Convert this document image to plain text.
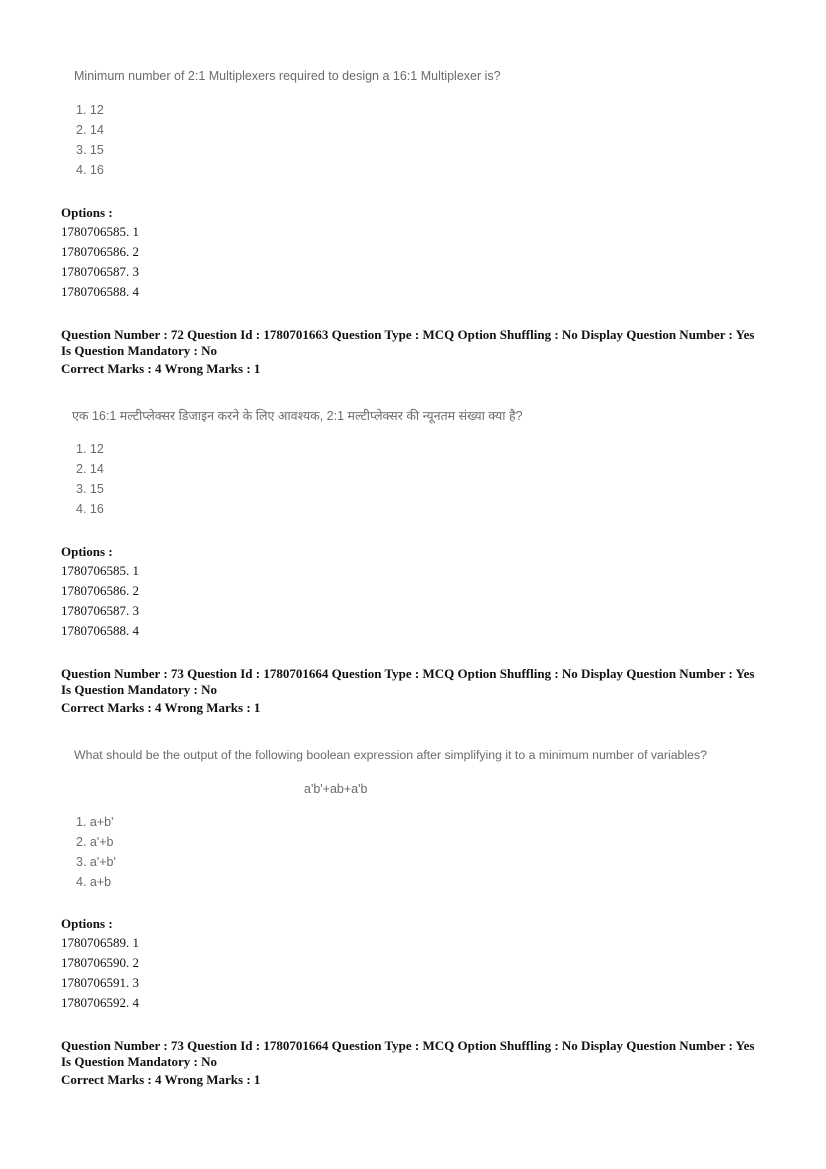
Minimum number of 2:1 Multiplexers required to design a 16:1 Multiplexer is?
1. 12
2. 14
3. 15
4. 16
Options :
1780706585. 1
1780706586. 2
1780706587. 3
1780706588. 4
Question Number : 72 Question Id : 1780701663 Question Type : MCQ Option Shuffling : No Display Question Number : Yes
Is Question Mandatory : No
Correct Marks : 4 Wrong Marks : 1
एक 16:1 मल्टीप्लेक्सर डिजाइन करने के लिए आवश्यक, 2:1 मल्टीप्लेक्सर की न्यूनतम संख्या क्या है?
1. 12
2. 14
3. 15
4. 16
Options :
1780706585. 1
1780706586. 2
1780706587. 3
1780706588. 4
Question Number : 73 Question Id : 1780701664 Question Type : MCQ Option Shuffling : No Display Question Number : Yes
Is Question Mandatory : No
Correct Marks : 4 Wrong Marks : 1
What should be the output of the following boolean expression after simplifying it to a minimum number of variables?
a'b'+ab+a'b
1. a+b'
2. a'+b
3. a'+b'
4. a+b
Options :
1780706589. 1
1780706590. 2
1780706591. 3
1780706592. 4
Question Number : 73 Question Id : 1780701664 Question Type : MCQ Option Shuffling : No Display Question Number : Yes
Is Question Mandatory : No
Correct Marks : 4 Wrong Marks : 1
